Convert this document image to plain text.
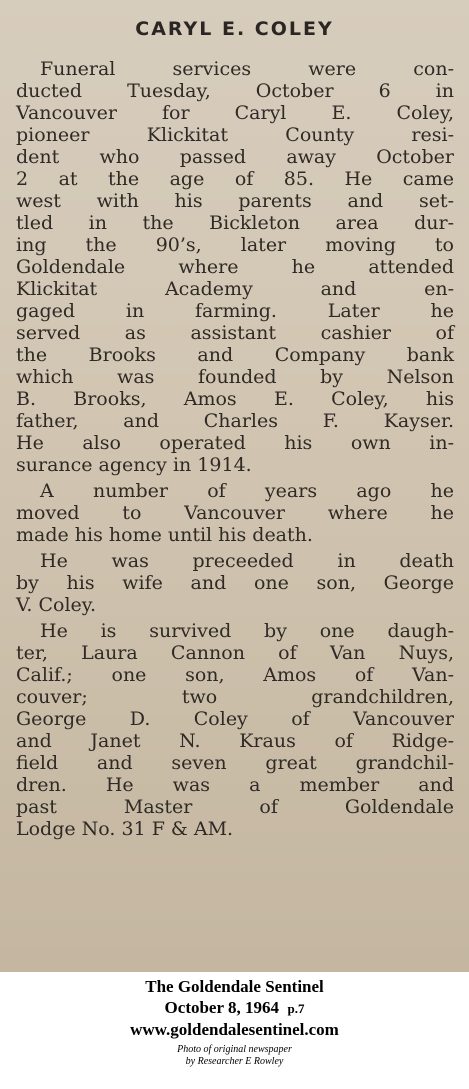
CARYL E. COLEY
Funeral services were con-
ducted Tuesday, October 6 in
Vancouver for Caryl E. Coley,
pioneer Klickitat County resi-
dent who passed away October
2 at the age of 85. He came
west with his parents and set-
tled in the Bickleton area dur-
ing the 90’s, later moving to
Goldendale where he attended
Klickitat Academy and en-
gaged in farming. Later he
served as assistant cashier of
the Brooks and Company bank
which was founded by Nelson
B. Brooks, Amos E. Coley, his
father, and Charles F. Kayser.
He also operated his own in-
surance agency in 1914.
A number of years ago he
moved to Vancouver where he
made his home until his death.
He was preceeded in death
by his wife and one son, George
V. Coley.
He is survived by one daugh-
ter, Laura Cannon of Van Nuys,
Calif.; one son, Amos of Van-
couver; two grandchildren,
George D. Coley of Vancouver
and Janet N. Kraus of Ridge-
field and seven great grandchil-
dren. He was a member and
past Master of Goldendale
Lodge No. 31 F & AM.
The Goldendale Sentinel
October 8, 1964 p.7
www.goldendalesentinel.com
Photo of original newspaper
by Researcher E Rowley
